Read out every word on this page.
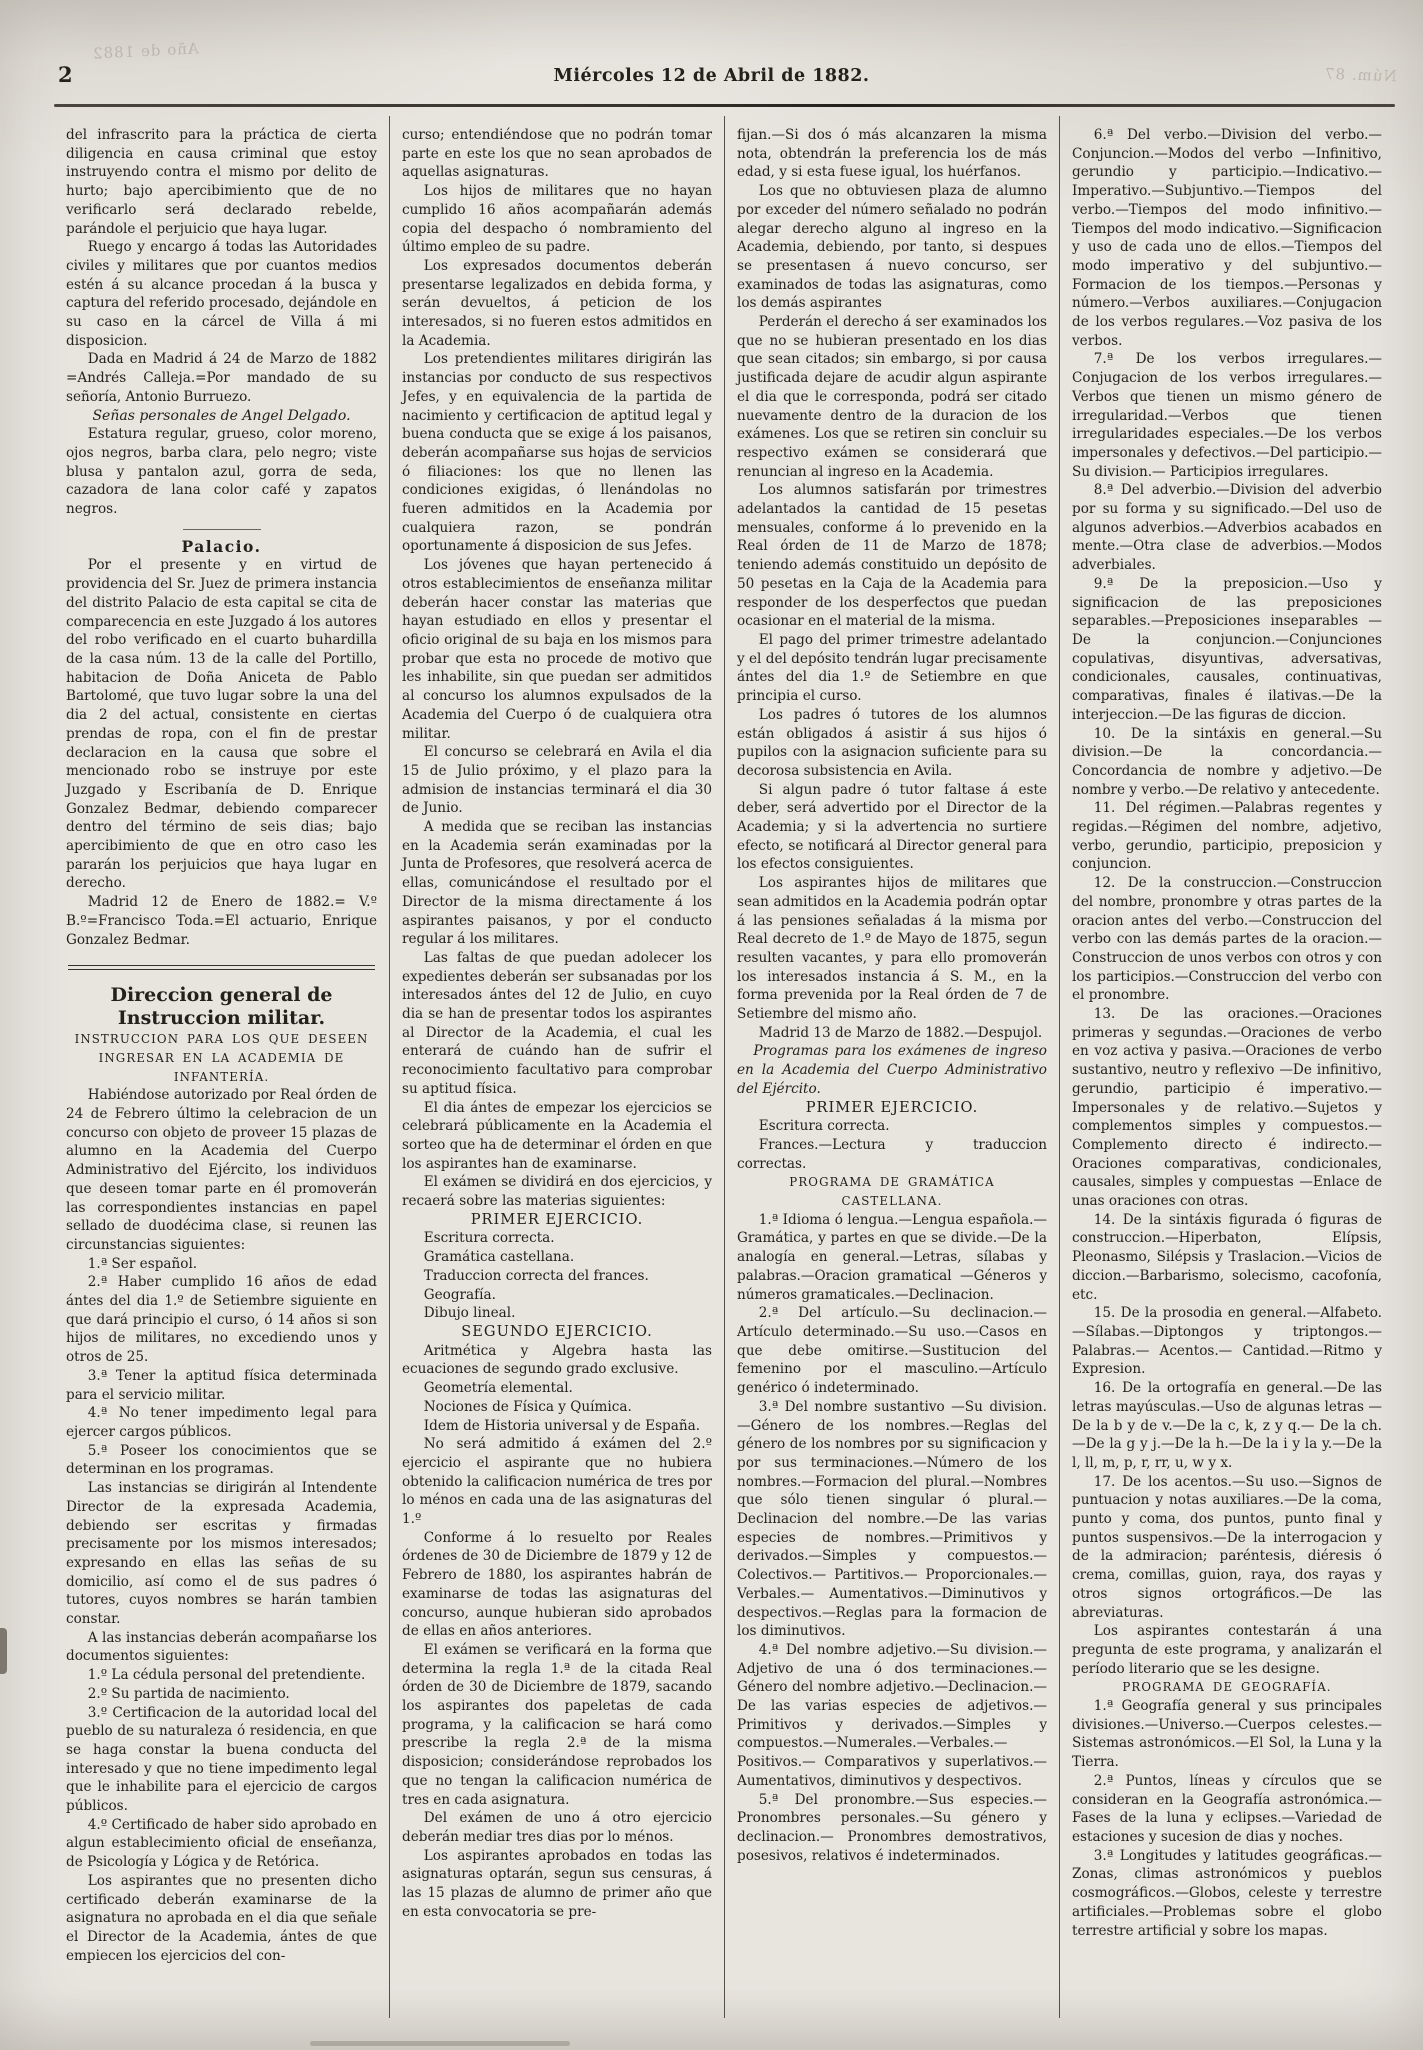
Año de 1882
Núm. 87
2	Miércoles 12 de Abril de 1882.

del infrascrito para la práctica de cierta diligencia en causa criminal que estoy instruyendo contra el mismo por delito de hurto; bajo apercibimiento que de no verificarlo será declarado rebelde, parándole el perjuicio que haya lugar.

Ruego y encargo á todas las Autoridades civiles y militares que por cuantos medios estén á su alcance procedan á la busca y captura del referido procesado, dejándole en su caso en la cárcel de Villa á mi disposicion.

Dada en Madrid á 24 de Marzo de 1882 =Andrés Calleja.=Por mandado de su señoría, Antonio Burruezo.

Señas personales de Angel Delgado.

Estatura regular, grueso, color moreno, ojos negros, barba clara, pelo negro; viste blusa y pantalon azul, gorra de seda, cazadora de lana color café y zapatos negros.

Palacio.

Por el presente y en virtud de providencia del Sr. Juez de primera instancia del distrito Palacio de esta capital se cita de comparecencia en este Juzgado á los autores del robo verificado en el cuarto buhardilla de la casa núm. 13 de la calle del Portillo, habitacion de Doña Aniceta de Pablo Bartolomé, que tuvo lugar sobre la una del dia 2 del actual, consistente en ciertas prendas de ropa, con el fin de prestar declaracion en la causa que sobre el mencionado robo se instruye por este Juzgado y Escribanía de D. Enrique Gonzalez Bedmar, debiendo comparecer dentro del término de seis dias; bajo apercibimiento de que en otro caso les pararán los perjuicios que haya lugar en derecho.

Madrid 12 de Enero de 1882.= V.º B.º=Francisco Toda.=El actuario, Enrique Gonzalez Bedmar.

Direccion general de Instruccion militar.

INSTRUCCION PARA LOS QUE DESEEN INGRESAR EN LA ACADEMIA DE INFANTERÍA.

Habiéndose autorizado por Real órden de 24 de Febrero último la celebracion de un concurso con objeto de proveer 15 plazas de alumno en la Academia del Cuerpo Administrativo del Ejército, los individuos que deseen tomar parte en él promoverán las correspondientes instancias en papel sellado de duodécima clase, si reunen las circunstancias siguientes:

1.ª Ser español.

2.ª Haber cumplido 16 años de edad ántes del dia 1.º de Setiembre siguiente en que dará principio el curso, ó 14 años si son hijos de militares, no excediendo unos y otros de 25.

3.ª Tener la aptitud física determinada para el servicio militar.

4.ª No tener impedimento legal para ejercer cargos públicos.

5.ª Poseer los conocimientos que se determinan en los programas.

Las instancias se dirigirán al Intendente Director de la expresada Academia, debiendo ser escritas y firmadas precisamente por los mismos interesados; expresando en ellas las señas de su domicilio, así como el de sus padres ó tutores, cuyos nombres se harán tambien constar.

A las instancias deberán acompañarse los documentos siguientes:

1.º La cédula personal del pretendiente.

2.º Su partida de nacimiento.

3.º Certificacion de la autoridad local del pueblo de su naturaleza ó residencia, en que se haga constar la buena conducta del interesado y que no tiene impedimento legal que le inhabilite para el ejercicio de cargos públicos.

4.º Certificado de haber sido aprobado en algun establecimiento oficial de enseñanza, de Psicología y Lógica y de Retórica.

Los aspirantes que no presenten dicho certificado deberán examinarse de la asignatura no aprobada en el dia que señale el Director de la Academia, ántes de que empiecen los ejercicios del con-

curso; entendiéndose que no podrán tomar parte en este los que no sean aprobados de aquellas asignaturas.

Los hijos de militares que no hayan cumplido 16 años acompañarán además copia del despacho ó nombramiento del último empleo de su padre.

Los expresados documentos deberán presentarse legalizados en debida forma, y serán devueltos, á peticion de los interesados, si no fueren estos admitidos en la Academia.

Los pretendientes militares dirigirán las instancias por conducto de sus respectivos Jefes, y en equivalencia de la partida de nacimiento y certificacion de aptitud legal y buena conducta que se exige á los paisanos, deberán acompañarse sus hojas de servicios ó filiaciones: los que no llenen las condiciones exigidas, ó llenándolas no fueren admitidos en la Academia por cualquiera razon, se pondrán oportunamente á disposicion de sus Jefes.

Los jóvenes que hayan pertenecido á otros establecimientos de enseñanza militar deberán hacer constar las materias que hayan estudiado en ellos y presentar el oficio original de su baja en los mismos para probar que esta no procede de motivo que les inhabilite, sin que puedan ser admitidos al concurso los alumnos expulsados de la Academia del Cuerpo ó de cualquiera otra militar.

El concurso se celebrará en Avila el dia 15 de Julio próximo, y el plazo para la admision de instancias terminará el dia 30 de Junio.

A medida que se reciban las instancias en la Academia serán examinadas por la Junta de Profesores, que resolverá acerca de ellas, comunicándose el resultado por el Director de la misma directamente á los aspirantes paisanos, y por el conducto regular á los militares.

Las faltas de que puedan adolecer los expedientes deberán ser subsanadas por los interesados ántes del 12 de Julio, en cuyo dia se han de presentar todos los aspirantes al Director de la Academia, el cual les enterará de cuándo han de sufrir el reconocimiento facultativo para comprobar su aptitud física.

El dia ántes de empezar los ejercicios se celebrará públicamente en la Academia el sorteo que ha de determinar el órden en que los aspirantes han de examinarse.

El exámen se dividirá en dos ejercicios, y recaerá sobre las materias siguientes:

PRIMER EJERCICIO.

Escritura correcta.

Gramática castellana.

Traduccion correcta del frances.

Geografía.

Dibujo lineal.

SEGUNDO EJERCICIO.

Aritmética y Algebra hasta las ecuaciones de segundo grado exclusive.

Geometría elemental.

Nociones de Física y Química.

Idem de Historia universal y de España.

No será admitido á exámen del 2.º ejercicio el aspirante que no hubiera obtenido la calificacion numérica de tres por lo ménos en cada una de las asignaturas del 1.º

Conforme á lo resuelto por Reales órdenes de 30 de Diciembre de 1879 y 12 de Febrero de 1880, los aspirantes habrán de examinarse de todas las asignaturas del concurso, aunque hubieran sido aprobados de ellas en años anteriores.

El exámen se verificará en la forma que determina la regla 1.ª de la citada Real órden de 30 de Diciembre de 1879, sacando los aspirantes dos papeletas de cada programa, y la calificacion se hará como prescribe la regla 2.ª de la misma disposicion; considerándose reprobados los que no tengan la calificacion numérica de tres en cada asignatura.

Del exámen de uno á otro ejercicio deberán mediar tres dias por lo ménos.

Los aspirantes aprobados en todas las asignaturas optarán, segun sus censuras, á las 15 plazas de alumno de primer año que en esta convocatoria se pre-

fijan.—Si dos ó más alcanzaren la misma nota, obtendrán la preferencia los de más edad, y si esta fuese igual, los huérfanos.

Los que no obtuviesen plaza de alumno por exceder del número señalado no podrán alegar derecho alguno al ingreso en la Academia, debiendo, por tanto, si despues se presentasen á nuevo concurso, ser examinados de todas las asignaturas, como los demás aspirantes

Perderán el derecho á ser examinados los que no se hubieran presentado en los dias que sean citados; sin embargo, si por causa justificada dejare de acudir algun aspirante el dia que le corresponda, podrá ser citado nuevamente dentro de la duracion de los exámenes. Los que se retiren sin concluir su respectivo exámen se considerará que renuncian al ingreso en la Academia.

Los alumnos satisfarán por trimestres adelantados la cantidad de 15 pesetas mensuales, conforme á lo prevenido en la Real órden de 11 de Marzo de 1878; teniendo además constituido un depósito de 50 pesetas en la Caja de la Academia para responder de los desperfectos que puedan ocasionar en el material de la misma.

El pago del primer trimestre adelantado y el del depósito tendrán lugar precisamente ántes del dia 1.º de Setiembre en que principia el curso.

Los padres ó tutores de los alumnos están obligados á asistir á sus hijos ó pupilos con la asignacion suficiente para su decorosa subsistencia en Avila.

Si algun padre ó tutor faltase á este deber, será advertido por el Director de la Academia; y si la advertencia no surtiere efecto, se notificará al Director general para los efectos consiguientes.

Los aspirantes hijos de militares que sean admitidos en la Academia podrán optar á las pensiones señaladas á la misma por Real decreto de 1.º de Mayo de 1875, segun resulten vacantes, y para ello promoverán los interesados instancia á S. M., en la forma prevenida por la Real órden de 7 de Setiembre del mismo año.

Madrid 13 de Marzo de 1882.—Despujol.

Programas para los exámenes de ingreso en la Academia del Cuerpo Administrativo del Ejército.

PRIMER EJERCICIO.

Escritura correcta.

Frances.—Lectura y traduccion correctas.

PROGRAMA DE GRAMÁTICA CASTELLANA.

1.ª Idioma ó lengua.—Lengua española.—Gramática, y partes en que se divide.—De la analogía en general.—Letras, sílabas y palabras.—Oracion gramatical —Géneros y números gramaticales.—Declinacion.

2.ª Del artículo.—Su declinacion.—Artículo determinado.—Su uso.—Casos en que debe omitirse.—Sustitucion del femenino por el masculino.—Artículo genérico ó indeterminado.

3.ª Del nombre sustantivo —Su division.—Género de los nombres.—Reglas del género de los nombres por su significacion y por sus terminaciones.—Número de los nombres.—Formacion del plural.—Nombres que sólo tienen singular ó plural.—Declinacion del nombre.—De las varias especies de nombres.—Primitivos y derivados.—Simples y compuestos.— Colectivos.— Partitivos.— Proporcionales.— Verbales.— Aumentativos.—Diminutivos y despectivos.—Reglas para la formacion de los diminutivos.

4.ª Del nombre adjetivo.—Su division.—Adjetivo de una ó dos terminaciones.—Género del nombre adjetivo.—Declinacion.—De las varias especies de adjetivos.—Primitivos y derivados.—Simples y compuestos.—Numerales.—Verbales.—Positivos.— Comparativos y superlativos.— Aumentativos, diminutivos y despectivos.

5.ª Del pronombre.—Sus especies.—Pronombres personales.—Su género y declinacion.— Pronombres demostrativos, posesivos, relativos é indeterminados.

6.ª Del verbo.—Division del verbo.—Conjuncion.—Modos del verbo —Infinitivo, gerundio y participio.—Indicativo.—Imperativo.—Subjuntivo.—Tiempos del verbo.—Tiempos del modo infinitivo.—Tiempos del modo indicativo.—Significacion y uso de cada uno de ellos.—Tiempos del modo imperativo y del subjuntivo.—Formacion de los tiempos.—Personas y número.—Verbos auxiliares.—Conjugacion de los verbos regulares.—Voz pasiva de los verbos.

7.ª De los verbos irregulares.—Conjugacion de los verbos irregulares.—Verbos que tienen un mismo género de irregularidad.—Verbos que tienen irregularidades especiales.—De los verbos impersonales y defectivos.—Del participio.—Su division.— Participios irregulares.

8.ª Del adverbio.—Division del adverbio por su forma y su significado.—Del uso de algunos adverbios.—Adverbios acabados en mente.—Otra clase de adverbios.—Modos adverbiales.

9.ª De la preposicion.—Uso y significacion de las preposiciones separables.—Preposiciones inseparables —De la conjuncion.—Conjunciones copulativas, disyuntivas, adversativas, condicionales, causales, continuativas, comparativas, finales é ilativas.—De la interjeccion.—De las figuras de diccion.

10. De la sintáxis en general.—Su division.—De la concordancia.—Concordancia de nombre y adjetivo.—De nombre y verbo.—De relativo y antecedente.

11. Del régimen.—Palabras regentes y regidas.—Régimen del nombre, adjetivo, verbo, gerundio, participio, preposicion y conjuncion.

12. De la construccion.—Construccion del nombre, pronombre y otras partes de la oracion antes del verbo.—Construccion del verbo con las demás partes de la oracion.—Construccion de unos verbos con otros y con los participios.—Construccion del verbo con el pronombre.

13. De las oraciones.—Oraciones primeras y segundas.—Oraciones de verbo en voz activa y pasiva.—Oraciones de verbo sustantivo, neutro y reflexivo —De infinitivo, gerundio, participio é imperativo.—Impersonales y de relativo.—Sujetos y complementos simples y compuestos.—Complemento directo é indirecto.—Oraciones comparativas, condicionales, causales, simples y compuestas —Enlace de unas oraciones con otras.

14. De la sintáxis figurada ó figuras de construccion.—Hiperbaton, Elípsis, Pleonasmo, Silépsis y Traslacion.—Vicios de diccion.—Barbarismo, solecismo, cacofonía, etc.

15. De la prosodia en general.—Alfabeto.—Sílabas.—Diptongos y triptongos.—Palabras.— Acentos.— Cantidad.—Ritmo y Expresion.

16. De la ortografía en general.—De las letras mayúsculas.—Uso de algunas letras —De la b y de v.—De la c, k, z y q.— De la ch.—De la g y j.—De la h.—De la i y la y.—De la l, ll, m, p, r, rr, u, w y x.

17. De los acentos.—Su uso.—Signos de puntuacion y notas auxiliares.—De la coma, punto y coma, dos puntos, punto final y puntos suspensivos.—De la interrogacion y de la admiracion; paréntesis, diéresis ó crema, comillas, guion, raya, dos rayas y otros signos ortográficos.—De las abreviaturas.

Los aspirantes contestarán á una pregunta de este programa, y analizarán el período literario que se les designe.

PROGRAMA DE GEOGRAFÍA.

1.ª Geografía general y sus principales divisiones.—Universo.—Cuerpos celestes.—Sistemas astronómicos.—El Sol, la Luna y la Tierra.

2.ª Puntos, líneas y círculos que se consideran en la Geografía astronómica.—Fases de la luna y eclipses.—Variedad de estaciones y sucesion de dias y noches.

3.ª Longitudes y latitudes geográficas.—Zonas, climas astronómicos y pueblos cosmográficos.—Globos, celeste y terrestre artificiales.—Problemas sobre el globo terrestre artificial y sobre los mapas.
